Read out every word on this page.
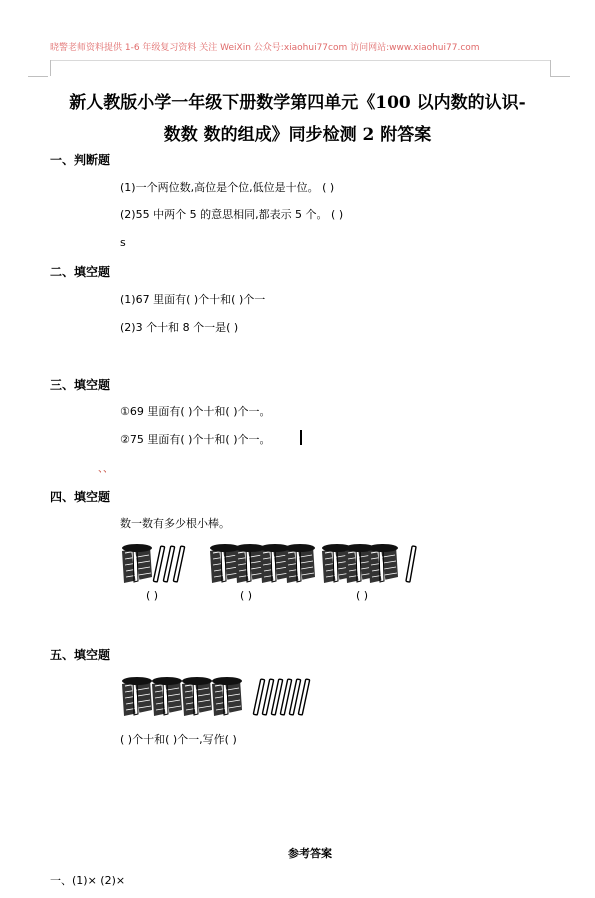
晓警老师资料提供 1-6 年级复习资料 关注 WeiXin 公众号:xiaohui77com 访问网站:www.xiaohui77.com
新人教版小学一年级下册数学第四单元《100 以内数的认识-
数数 数的组成》同步检测 2 附答案
一、判断题
(1)一个两位数,高位是个位,低位是十位。 ( )
(2)55 中两个 5 的意思相同,都表示 5 个。 ( )
s
二、填空题
(1)67 里面有( )个十和( )个一
(2)3 个十和 8 个一是( )
三、填空题
①69 里面有( )个十和( )个一。
②75 里面有( )个十和( )个一。
、、
四、填空题
数一数有多少根小棒。
( )	( )	( )
五、填空题
( )个十和( )个一,写作( )
参考答案
一、(1)× (2)×
